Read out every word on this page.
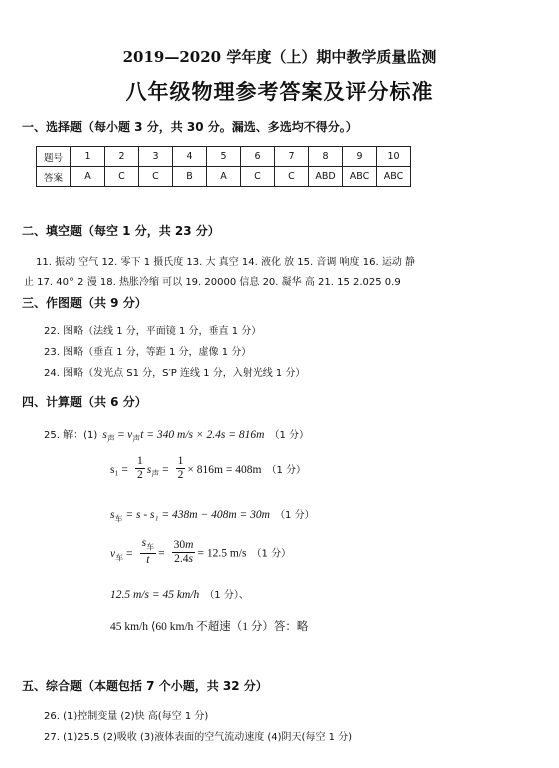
2019—2020 学年度（上）期中教学质量监测
八年级物理参考答案及评分标准
一、选择题（每小题 3 分，共 30 分。漏选、多选均不得分。）
题号	1	2	3	4	5	6	7	8	9	10
答案	A	C	C	B	A	C	C	ABD	ABC	ABC
二、填空题（每空 1 分，共 23 分）
11. 振动 空气 12. 零下 1 摄氏度 13. 大 真空 14. 液化 放 15. 音调 响度 16. 运动 静
止 17. 40° 2 漫 18. 热胀冷缩 可以 19. 20000 信息 20. 凝华 高 21. 15 2.025 0.9
三、作图题（共 9 分）
22. 图略（法线 1 分，平面镜 1 分，垂直 1 分）
23. 图略（垂直 1 分，等距 1 分，虚像 1 分）
24. 图略（发光点 S1 分，S′P 连线 1 分，入射光线 1 分）
四、计算题（共 6 分）
25. 解：(1) $s_声 = v_声t = 340$ m/s × 2.4s = 816m （1 分）
$s_1 = \frac{1}{2} s_声 = \frac{1}{2} \times 816m = 408m$ （1 分）
$s_车 = s - s_1 = 438m - 408m = 30m$ （1 分）
$v_车 = \frac{s_车}{t} = \frac{30m}{2.4s} = 12.5$ m/s （1 分）
12.5 m/s = 45 km/h （1 分）、
45 km/h ⟨60 km/h 不超速（1 分）答：略
五、综合题（本题包括 7 个小题，共 32 分）
26. (1)控制变量 (2)快 高(每空 1 分)
27. (1)25.5 (2)吸收 (3)液体表面的空气流动速度 (4)阴天(每空 1 分)
